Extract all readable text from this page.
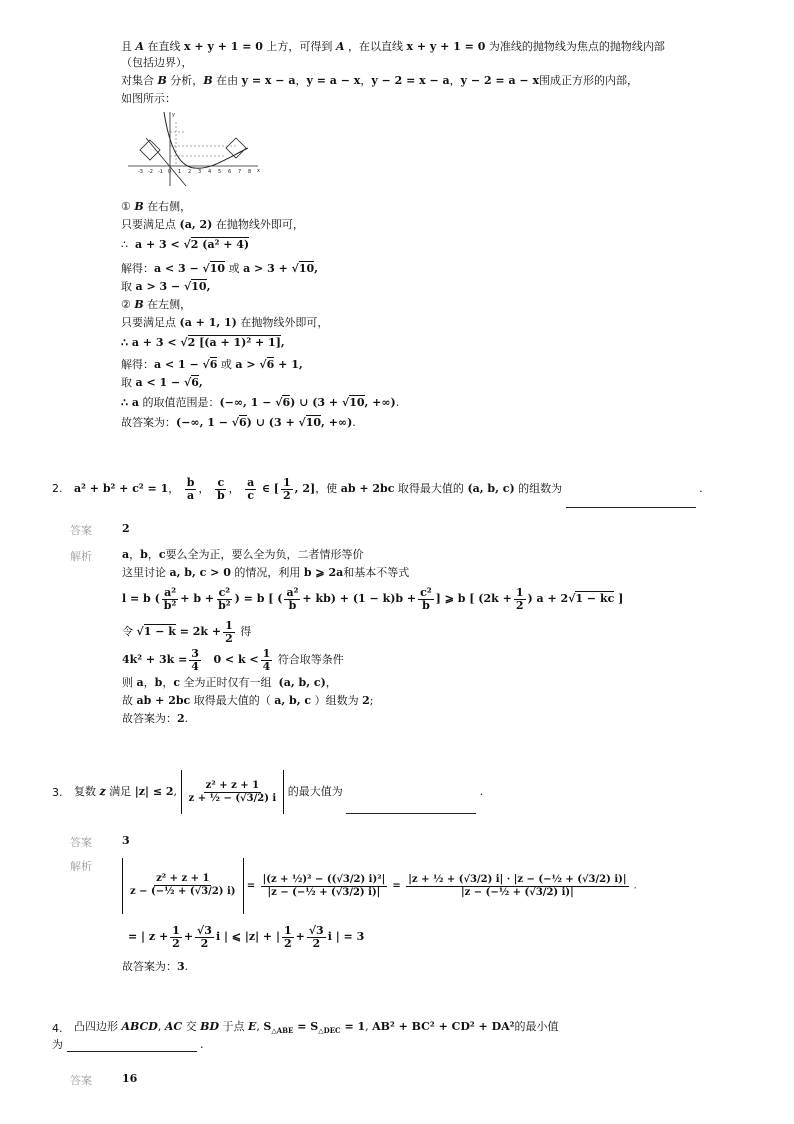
且 A 在直线 x + y + 1 = 0 上方，可得到 A ，在以直线 x + y + 1 = 0 为准线的抛物线为焦点的抛物线内部
（包括边界），
对集合 B 分析，B 在由 y = x − a，y = a − x，y − 2 = x − a，y − 2 = a − x围成正方形的内部，
如图所示：
-3 -2 -1 0 1 2 3 4 5 6 7 8 x
y
① B 在右侧，
只要满足点 (a, 2) 在抛物线外即可，
∴  a + 3 < √2 (a² + 4)
解得：a < 3 − √10 或 a > 3 + √10,
取 a > 3 − √10,
② B 在左侧，
只要满足点 (a + 1, 1) 在抛物线外即可，
∴ a + 3 < √2 [(a + 1)² + 1],
解得：a < 1 − √6 或 a > √6 + 1,
取 a < 1 − √6,
∴ a 的取值范围是：(−∞, 1 − √6) ∪ (3 + √10, +∞).
故答案为：(−∞, 1 − √6) ∪ (3 + √10, +∞).
2. a² + b² + c² = 1， $\frac{b}{a}$ ， $\frac{c}{b}$ ， $\frac{a}{c}$ ∈ [ $\frac{1}{2}$ , 2]，使 ab + 2bc 取得最大值的 (a, b, c) 的组数为	.
答案	2
解析	a，b，c要么全为正，要么全为负，二者情形等价
这里讨论 a, b, c > 0 的情况，利用 b ⩾ 2a和基本不等式
l = b ( $\frac{\text{a²}}{\text{b²}} + b + \frac{\text{c²}}{\text{b²}}$ ) = b [ ( $\frac{\text{a²}}{b} + kb) + (1 - k)b + \frac{\text{c²}}{b}$ ] ⩾ b [ ($2k + \frac{1}{2}$ ) a + 2√1 − kc ]
令 $√1 - k = 2k + \frac{1}{2}$ 得
$4k^2 + 3k = \frac{3}{4} 0 < k < \frac{1}{4}$ 符合取等条件
则 a，b，c 全为正时仅有一组  (a, b, c)，
故 ab + 2bc 取得最大值的（ a, b, c ）组数为 2;
故答案为：2.
3. 复数 z 满足 |z| ≤ 2, $\frac{\text{z² + z + 1}}{\text{z + ½ − (√3/2) i}}$ 的最大值为	.
答案	3
解析
$\frac{\text{z² + z + 1}}{\text{z − (−½ + (√3/2) i)}} = \frac{\text{|(z + ½)² − ((√3/2) i)²|}}{\text{|z − (−½ + (√3/2) i)|}} = \frac{\text{|z + ½ + (√3/2) i| · |z − (−½ + (√3/2) i)|}}{\text{|z − (−½ + (√3/2) i)|}}$ .
= | $z + \frac{1}{2} + \frac{√3}{2}$ i | ⩽ |z| + | $\frac{1}{2} + \frac{√3}{2}$ i | = 3
故答案为：3.
4. 凸四边形 ABCD, AC 交 BD 于点 E, $S_{\triangle ABE} = S_{\triangle DEC} = 1$, AB² + BC² + CD² + DA²的最小值
为	.
答案	16
